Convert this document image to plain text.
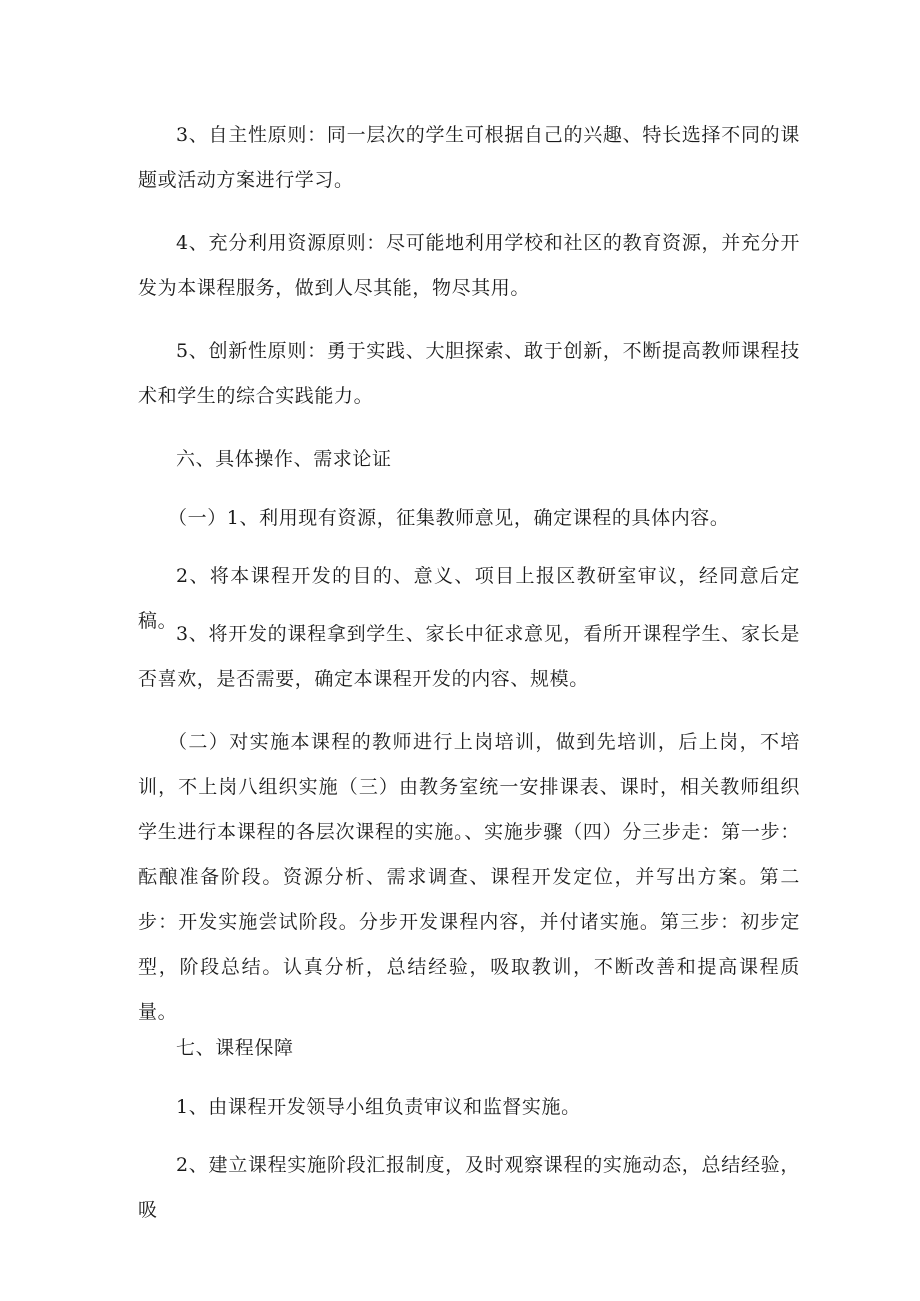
3、自主性原则：同一层次的学生可根据自己的兴趣、特长选择不同的课题或活动方案进行学习。

4、充分利用资源原则：尽可能地利用学校和社区的教育资源，并充分开发为本课程服务，做到人尽其能，物尽其用。

5、创新性原则：勇于实践、大胆探索、敢于创新，不断提高教师课程技术和学生的综合实践能力。

六、具体操作、需求论证

（一）1、利用现有资源，征集教师意见，确定课程的具体内容。

2、将本课程开发的目的、意义、项目上报区教研室审议，经同意后定稿。

3、将开发的课程拿到学生、家长中征求意见，看所开课程学生、家长是否喜欢，是否需要，确定本课程开发的内容、规模。

（二）对实施本课程的教师进行上岗培训，做到先培训，后上岗，不培训，不上岗八组织实施（三）由教务室统一安排课表、课时，相关教师组织学生进行本课程的各层次课程的实施。、实施步骤（四）分三步走：第一步：酝酿准备阶段。资源分析、需求调查、课程开发定位，并写出方案。第二步：开发实施尝试阶段。分步开发课程内容，并付诸实施。第三步：初步定型，阶段总结。认真分析，总结经验，吸取教训，不断改善和提高课程质量。

七、课程保障

1、由课程开发领导小组负责审议和监督实施。

2、建立课程实施阶段汇报制度，及时观察课程的实施动态，总结经验，吸
